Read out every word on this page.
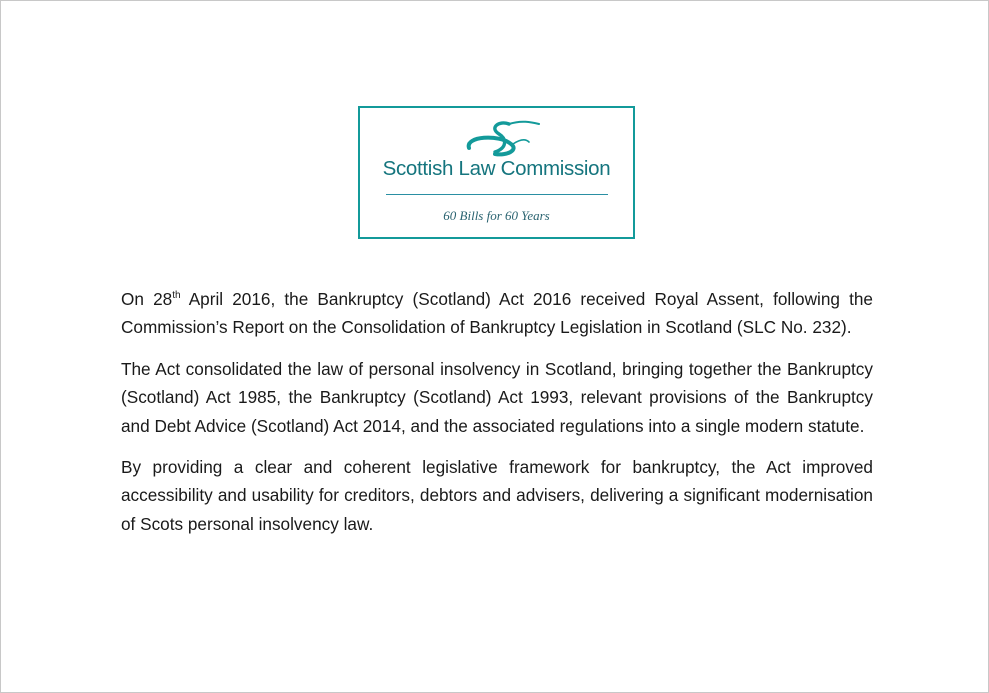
Scottish Law Commission
60 Bills for 60 Years

On 28th April 2016, the Bankruptcy (Scotland) Act 2016 received Royal Assent, following the Commission’s Report on the Consolidation of Bankruptcy Legislation in Scotland (SLC No. 232).

The Act consolidated the law of personal insolvency in Scotland, bringing together the Bankruptcy (Scotland) Act 1985, the Bankruptcy (Scotland) Act 1993, relevant provisions of the Bankruptcy and Debt Advice (Scotland) Act 2014, and the associated regulations into a single modern statute.

By providing a clear and coherent legislative framework for bankruptcy, the Act improved accessibility and usability for creditors, debtors and advisers, delivering a significant modernisation of Scots personal insolvency law.
